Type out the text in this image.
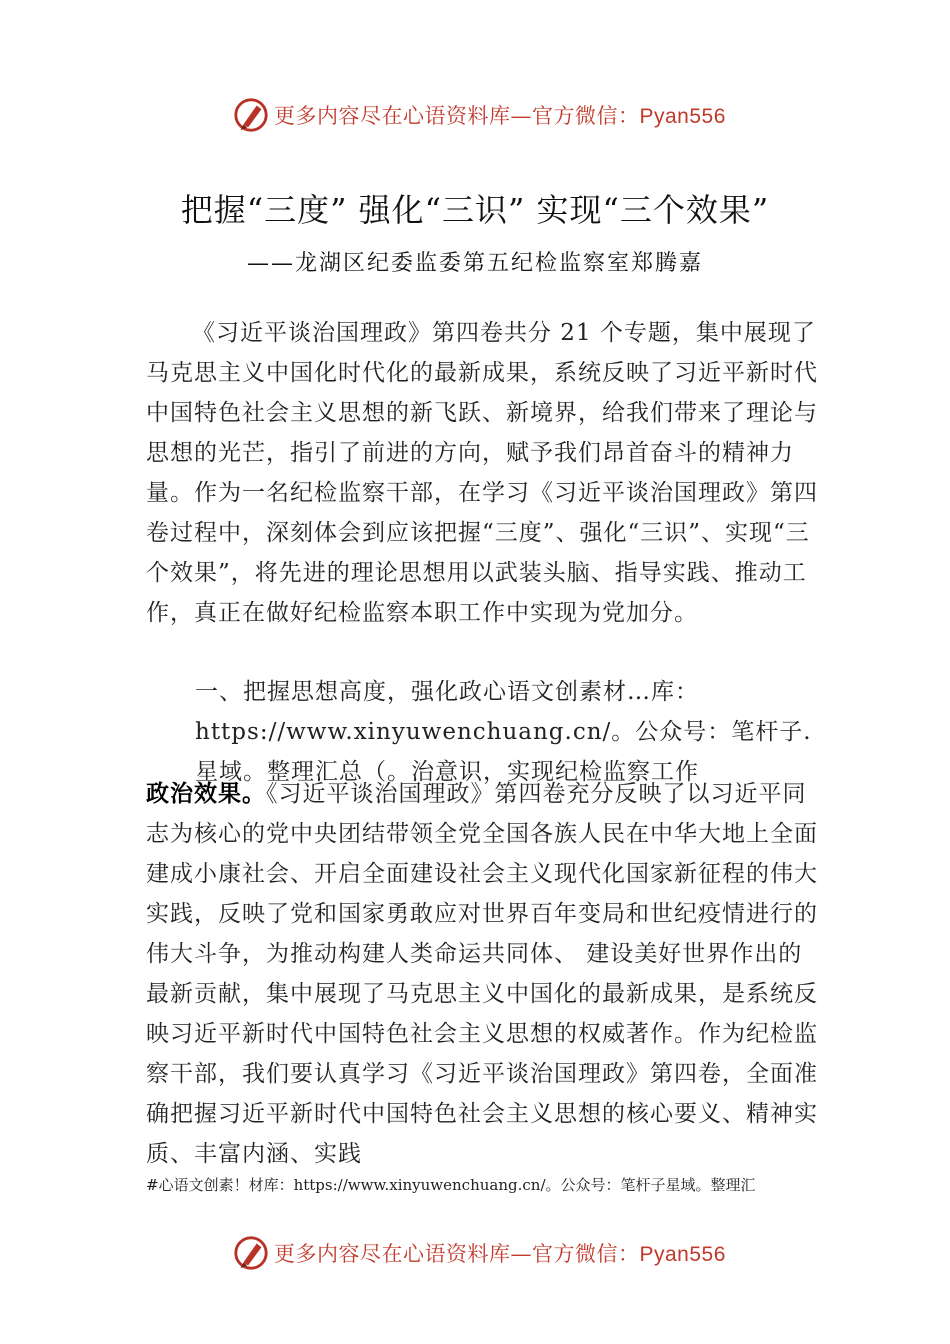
更多内容尽在心语资料库—官方微信：Pyan556
把握“三度” 强化“三识” 实现“三个效果”
——龙湖区纪委监委第五纪检监察室郑腾嘉
《习近平谈治国理政》第四卷共分 21 个专题，集中展现了马克思主义中国化时代化的最新成果，系统反映了习近平新时代中国特色社会主义思想的新飞跃、新境界，给我们带来了理论与思想的光芒，指引了前进的方向，赋予我们昂首奋斗的精神力量。作为一名纪检监察干部，在学习《习近平谈治国理政》第四卷过程中，深刻体会到应该把握“三度”、强化“三识”、实现“三个效果”，将先进的理论思想用以武装头脑、指导实践、推动工作，真正在做好纪检监察本职工作中实现为党加分。
一、把握思想高度，强化政心语文创素材…库：https://www.xinyuwenchuang.cn/。公众号：笔杆子.星域。整理汇总（。治意识，实现纪检监察工作
政治效果。《习近平谈治国理政》第四卷充分反映了以习近平同志为核心的党中央团结带领全党全国各族人民在中华大地上全面建成小康社会、开启全面建设社会主义现代化国家新征程的伟大实践，反映了党和国家勇敢应对世界百年变局和世纪疫情进行的伟大斗争，为推动构建人类命运共同体、 建设美好世界作出的最新贡献，集中展现了马克思主义中国化的最新成果，是系统反映习近平新时代中国特色社会主义思想的权威著作。作为纪检监察干部，我们要认真学习《习近平谈治国理政》第四卷，全面准确把握习近平新时代中国特色社会主义思想的核心要义、精神实质、丰富内涵、实践
#心语文创素！材库：https://www.xinyuwenchuang.cn/。公众号：笔杆子星域。整理汇
更多内容尽在心语资料库—官方微信：Pyan556
